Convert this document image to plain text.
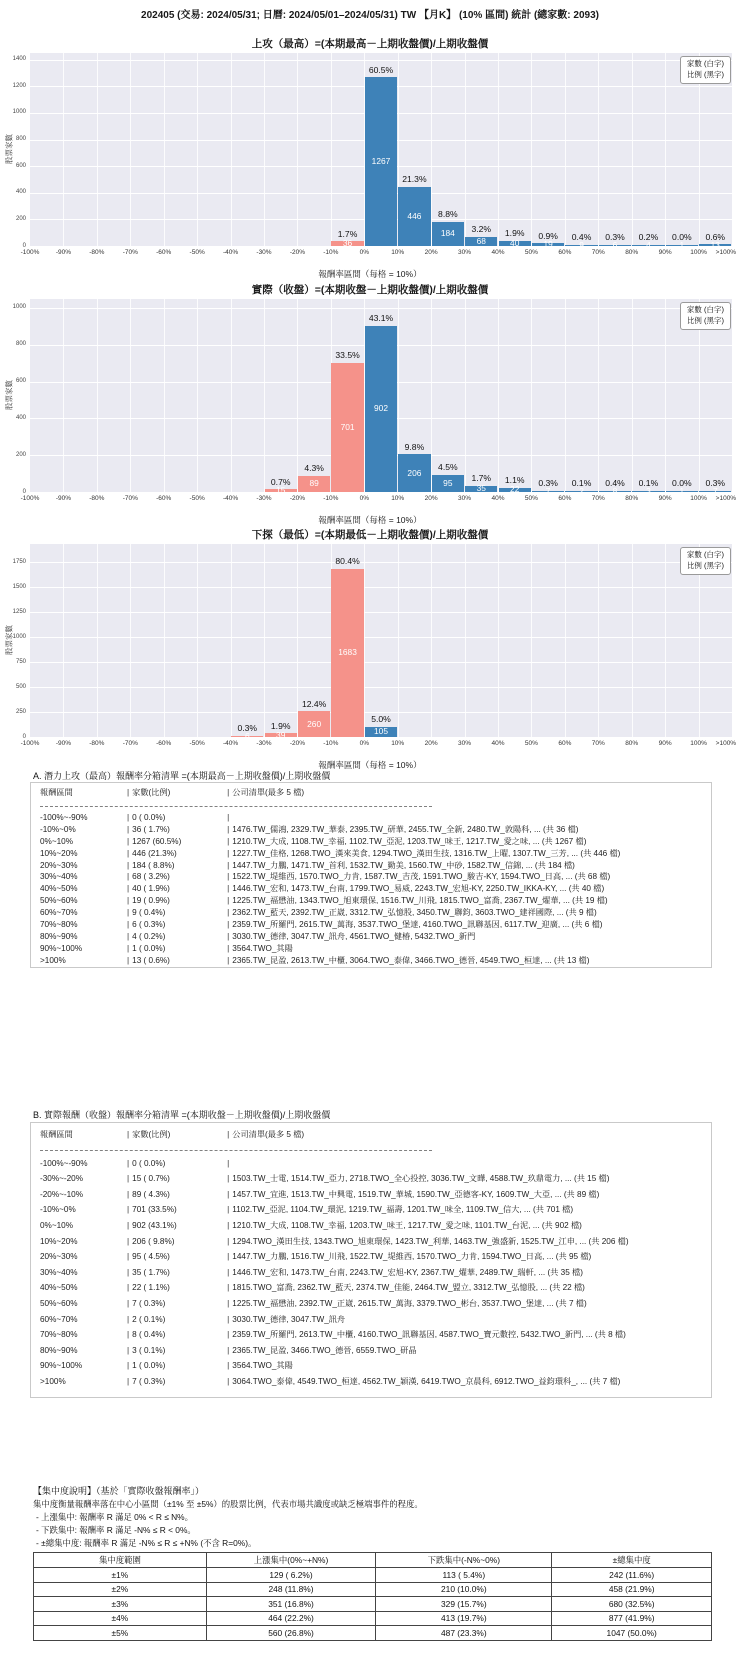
202405 (交易: 2024/05/31; 日曆: 2024/05/01–2024/05/31) TW 【月K】 (10% 區間) 統計 (總家數: 2093)
上攻（最高）=(本期最高－上期收盤價)/上期收盤價
股票家數
1.7%
36
60.5%
1267
21.3%
446 8.8%
184 3.2%
68
1.9%
40
0.9%
19
0.4%
9
0.3%
6
0.2%
4
0.0%
1
0.6%
13
家數 (白字)
比例 (黑字)
報酬率區間（每格 = 10%）
0
200
400
600
800
1000
1200
1400
-100%	-90%	-80%	-70%	-60%	-50%	-40%	-30%	-20%	-10%	0%	10%	20%	30%	40%	50%	60%	70%	80%	90%	100% >100%
實際（收盤）=(本期收盤－上期收盤價)/上期收盤價
股票家數
0.7%
15
4.3%
89
33.5%
701
43.1%
902
9.8%
206
4.5%
95 1.7%
35
1.1%
22
0.3%
7
0.1%
2
0.4%
8
0.1%
3
0.0%
1
0.3%
7
家數 (白字)
比例 (黑字)
報酬率區間（每格 = 10%）
0
200
400
600
800
1000
-100%	-90%	-80%	-70%	-60%	-50%	-40%	-30%	-20%	-10%	0%	10%	20%	30%	40%	50%	60%	70%	80%	90%	100% >100%
下探（最低）=(本期最低－上期收盤價)/上期收盤價
股票家數
0.3%
6
1.9%
39
12.4%
260
80.4%
1683
5.0%
105
家數 (白字)
比例 (黑字)
報酬率區間（每格 = 10%）
0
250
500
750
1000
1250
1500
1750
-100%	-90%	-80%	-70%	-60%	-50%	-40%	-30%	-20%	-10%	0%	10%	20%	30%	40%	50%	60%	70%	80%	90%	100% >100%
A. 潛力上攻（最高）報酬率分箱清單 =(本期最高－上期收盤價)/上期收盤價
報酬區間	| 家數(比例)	| 公司清單(最多 5 檔)
-100%~-90%	| 0 ( 0.0%)	|
-10%~0%	| 36 ( 1.7%)	| 1476.TW_儒鴻, 2329.TW_華泰, 2395.TW_研華, 2455.TW_全新, 2480.TW_敦陽科, ... (共 36 檔)
0%~10%	| 1267 (60.5%)	| 1210.TW_大成, 1108.TW_幸福, 1102.TW_亞泥, 1203.TW_味王, 1217.TW_愛之味, ... (共 1267 檔)
10%~20%	| 446 (21.3%)	| 1227.TW_佳格, 1268.TWO_漢來美食, 1294.TWO_漢田生技, 1316.TW_上曜, 1307.TW_三芳, ... (共 446 檔)
20%~30%	| 184 ( 8.8%)	| 1447.TW_力鵬, 1471.TW_首利, 1532.TW_勤美, 1560.TW_中砂, 1582.TW_信錦, ... (共 184 檔)
30%~40%	| 68 ( 3.2%)	| 1522.TW_堤維西, 1570.TWO_力肯, 1587.TW_吉茂, 1591.TWO_駿吉-KY, 1594.TWO_日高, ... (共 68 檔)
40%~50%	| 40 ( 1.9%)	| 1446.TW_宏和, 1473.TW_台南, 1799.TWO_易威, 2243.TW_宏旭-KY, 2250.TW_IKKA-KY, ... (共 40 檔)
50%~60%	| 19 ( 0.9%)	| 1225.TW_福懋油, 1343.TWO_旭東環保, 1516.TW_川飛, 1815.TWO_富喬, 2367.TW_燿華, ... (共 19 檔)
60%~70%	| 9 ( 0.4%)	| 2362.TW_藍天, 2392.TW_正崴, 3312.TW_弘憶股, 3450.TW_聯鈞, 3603.TWO_建祥國際, ... (共 9 檔)
70%~80%	| 6 ( 0.3%)	| 2359.TW_所羅門, 2615.TW_萬海, 3537.TWO_堡達, 4160.TWO_訊聯基因, 6117.TW_迎廣, ... (共 6 檔)
80%~90%	| 4 ( 0.2%)	| 3030.TW_德律, 3047.TW_訊舟, 4561.TWO_健椿, 5432.TWO_新門
90%~100%	| 1 ( 0.0%)	| 3564.TWO_其陽
>100%	| 13 ( 0.6%)	| 2365.TW_昆盈, 2613.TW_中櫃, 3064.TWO_泰偉, 3466.TWO_德晉, 4549.TWO_桓達, ... (共 13 檔)
B. 實際報酬（收盤）報酬率分箱清單 =(本期收盤－上期收盤價)/上期收盤價
報酬區間	| 家數(比例)	| 公司清單(最多 5 檔)
-100%~-90%	| 0 ( 0.0%)	|
-30%~-20%	| 15 ( 0.7%)	| 1503.TW_士電, 1514.TW_亞力, 2718.TWO_全心投控, 3036.TW_文曄, 4588.TW_玖鼎電力, ... (共 15 檔)
-20%~-10%	| 89 ( 4.3%)	| 1457.TW_宜進, 1513.TW_中興電, 1519.TW_華城, 1590.TW_亞德客-KY, 1609.TW_大亞, ... (共 89 檔)
-10%~0%	| 701 (33.5%)	| 1102.TW_亞泥, 1104.TW_環泥, 1219.TW_福壽, 1201.TW_味全, 1109.TW_信大, ... (共 701 檔)
0%~10%	| 902 (43.1%)	| 1210.TW_大成, 1108.TW_幸福, 1203.TW_味王, 1217.TW_愛之味, 1101.TW_台泥, ... (共 902 檔)
10%~20%	| 206 ( 9.8%)	| 1294.TWO_漢田生技, 1343.TWO_旭東環保, 1423.TW_利華, 1463.TW_強盛新, 1525.TW_江申, ... (共 206 檔)
20%~30%	| 95 ( 4.5%)	| 1447.TW_力鵬, 1516.TW_川飛, 1522.TW_堤維西, 1570.TWO_力肯, 1594.TWO_日高, ... (共 95 檔)
30%~40%	| 35 ( 1.7%)	| 1446.TW_宏和, 1473.TW_台南, 2243.TW_宏旭-KY, 2367.TW_燿華, 2489.TW_瑞軒, ... (共 35 檔)
40%~50%	| 22 ( 1.1%)	| 1815.TWO_富喬, 2362.TW_藍天, 2374.TW_佳能, 2464.TW_盟立, 3312.TW_弘憶股, ... (共 22 檔)
50%~60%	| 7 ( 0.3%)	| 1225.TW_福懋油, 2392.TW_正崴, 2615.TW_萬海, 3379.TWO_彬台, 3537.TWO_堡達, ... (共 7 檔)
60%~70%	| 2 ( 0.1%)	| 3030.TW_德律, 3047.TW_訊舟
70%~80%	| 8 ( 0.4%)	| 2359.TW_所羅門, 2613.TW_中櫃, 4160.TWO_訊聯基因, 4587.TWO_寶元數控, 5432.TWO_新門, ... (共 8 檔)
80%~90%	| 3 ( 0.1%)	| 2365.TW_昆盈, 3466.TWO_德晉, 6559.TWO_研晶
90%~100%	| 1 ( 0.0%)	| 3564.TWO_其陽
>100%	| 7 ( 0.3%)	| 3064.TWO_泰偉, 4549.TWO_桓達, 4562.TW_穎漢, 6419.TWO_京晨科, 6912.TWO_益鈞環科_, ... (共 7 檔)
【集中度說明】（基於「實際收盤報酬率」）
集中度衡量報酬率落在中心小區間（±1% 至 ±5%）的股票比例，代表市場共識度或缺乏極端事件的程度。
- 上漲集中: 報酬率 R 滿足 0% < R ≤ N%。
- 下跌集中: 報酬率 R 滿足 -N% ≤ R < 0%。
- ±總集中度: 報酬率 R 滿足 -N% ≤ R ≤ +N% (不含 R=0%)。
集中度範圍	上漲集中(0%~+N%)	下跌集中(-N%~0%)	±總集中度
±1%	129 ( 6.2%)	113 ( 5.4%)	242 (11.6%)
±2%	248 (11.8%)	210 (10.0%)	458 (21.9%)
±3%	351 (16.8%)	329 (15.7%)	680 (32.5%)
±4%	464 (22.2%)	413 (19.7%)	877 (41.9%)
±5%	560 (26.8%)	487 (23.3%)	1047 (50.0%)
